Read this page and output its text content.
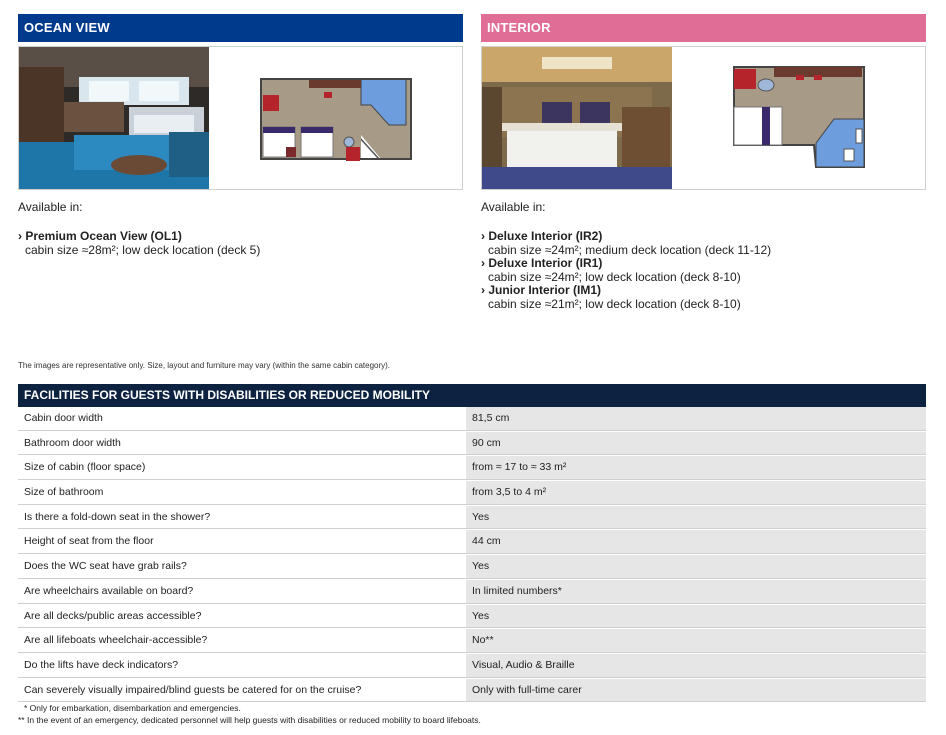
OCEAN VIEW
Available in:
› Premium Ocean View (OL1)
cabin size ≈28m²; low deck location (deck 5)
INTERIOR
Available in:
› Deluxe Interior (IR2)
cabin size ≈24m²; medium deck location (deck 11-12)
› Deluxe Interior (IR1)
cabin size ≈24m²; low deck location (deck 8-10)
› Junior Interior (IM1)
cabin size ≈21m²; low deck location (deck 8-10)
The images are representative only. Size, layout and furniture may vary (within the same cabin category).
FACILITIES FOR GUESTS WITH DISABILITIES OR REDUCED MOBILITY
Cabin door width	81,5 cm
Bathroom door width	90 cm
Size of cabin (floor space)	from ≈ 17 to ≈ 33 m²
Size of bathroom	from 3,5 to 4 m²
Is there a fold-down seat in the shower?	Yes
Height of seat from the floor	44 cm
Does the WC seat have grab rails?	Yes
Are wheelchairs available on board?	In limited numbers*
Are all decks/public areas accessible?	Yes
Are all lifeboats wheelchair-accessible?	No**
Do the lifts have deck indicators?	Visual, Audio & Braille
Can severely visually impaired/blind guests be catered for on the cruise?	Only with full-time carer
* Only for embarkation, disembarkation and emergencies.
** In the event of an emergency, dedicated personnel will help guests with disabilities or reduced mobility to board lifeboats.
